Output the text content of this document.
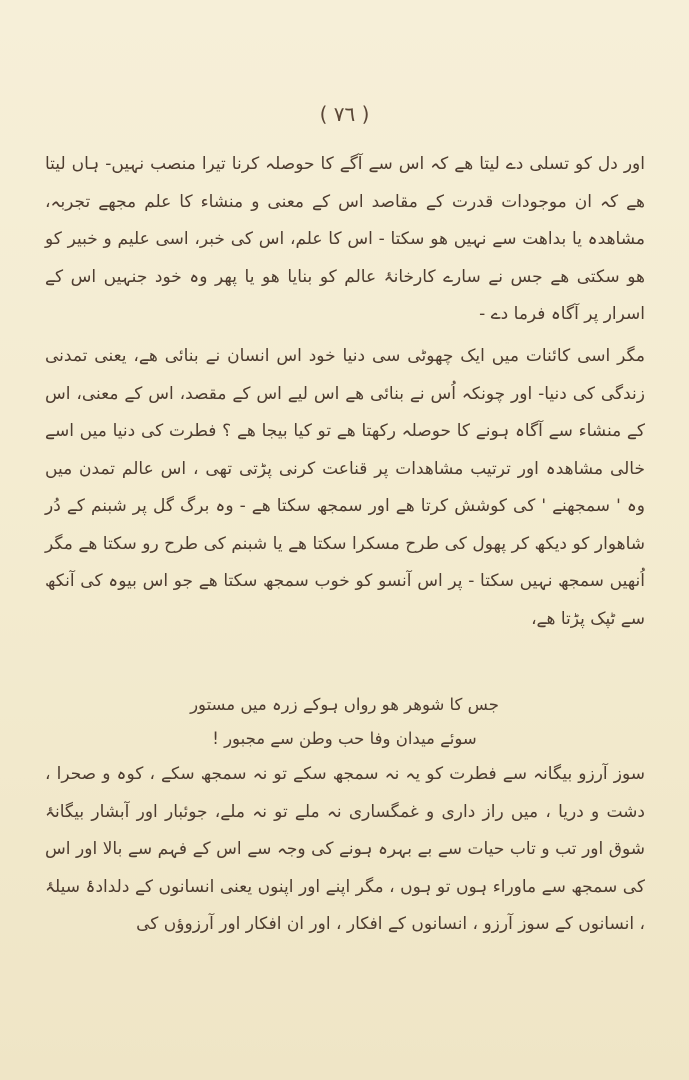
( ٧٦ )

اور دل کو تسلی دے لیتا ھے کہ اس سے آگے کا حوصلہ کرنا تیرا منصب نہیں- ہاں لیتا ھے کہ ان موجودات قدرت کے مقاصد اس کے معنی و منشاء کا علم مجھے تجربہ، مشاھدہ یا بداھت سے نہیں ھو سکتا - اس کا علم، اس کی خبر، اسی علیم و خبیر کو ھو سکتی ھے جس نے سارے کارخانۂ عالم کو بنایا ھو یا پھر وہ خود جنہیں اس کے اسرار پر آگاہ فرما دے -

مگر اسی کائنات میں ایک چھوٹی سی دنیا خود اس انسان نے بنائی ھے، یعنی تمدنی زندگی کی دنیا- اور چونکہ اُس نے بنائی ھے اس لیے اس کے مقصد، اس کے معنی، اس کے منشاء سے آگاہ ہونے کا حوصلہ رکھتا ھے تو کیا بیجا ھے ؟ فطرت کی دنیا میں اسے خالی مشاھدہ اور ترتیب مشاھدات پر قناعت کرنی پڑتی تھی ، اس عالم تمدن میں وہ ' سمجھنے ' کی کوشش کرتا ھے اور سمجھ سکتا ھے - وہ برگ گل پر شبنم کے دُر شاھوار کو دیکھ کر پھول کی طرح مسکرا سکتا ھے یا شبنم کی طرح رو سکتا ھے مگر اُنھیں سمجھ نہیں سکتا - پر اس آنسو کو خوب سمجھ سکتا ھے جو اس بیوہ کی آنکھ سے ٹپک پڑتا ھے،

جس کا شوھر ھو رواں ہوکے زرہ میں مستور
سوئے میدان وفا حب وطن سے مجبور !

سوز آرزو بیگانہ سے فطرت کو یہ نہ سمجھ سکے تو نہ سمجھ سکے ، کوہ و صحرا ، دشت و دریا ، میں راز داری و غمگساری نہ ملے تو نہ ملے، جوئبار اور آبشار بیگانۂ شوق اور تب و تاب حیات سے بے بہرہ ہونے کی وجہ سے اس کے فہم سے بالا اور اس کی سمجھ سے ماوراء ہوں تو ہوں ، مگر اپنے اور اپنوں یعنی انسانوں کے دلدادۂ سیلۂ ، انسانوں کے سوز آرزو ، انسانوں کے افکار ، اور ان افکار اور آرزوؤں کی
